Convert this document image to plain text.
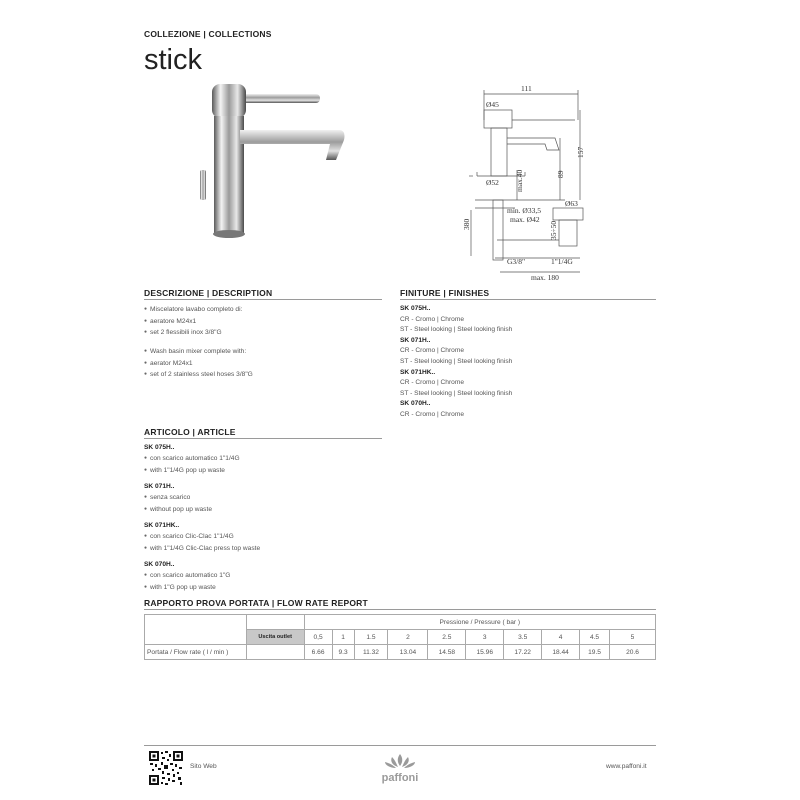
COLLEZIONE | COLLECTIONS
stick
111
Ø45
157
89
max.40
Ø52
min. Ø33,5
max. Ø42
380
Ø63
35÷50
G3/8"	1"1/4G
max. 180
DESCRIZIONE | DESCRIPTION
● Miscelatore lavabo completo di:
● aeratore M24x1
● set 2 flessibili inox 3/8"G
● Wash basin mixer complete with:
● aerator M24x1
● set of 2 stainless steel hoses 3/8"G
FINITURE | FINISHES
SK 075H..
CR - Cromo | Chrome
ST - Steel looking | Steel looking finish
SK 071H..
CR - Cromo | Chrome
ST - Steel looking | Steel looking finish
SK 071HK..
CR - Cromo | Chrome
ST - Steel looking | Steel looking finish
SK 070H..
CR - Cromo | Chrome
ARTICOLO | ARTICLE
SK 075H..
● con scarico automatico 1"1/4G
● with 1"1/4G pop up waste
SK 071H..
● senza scarico
● without pop up waste
SK 071HK..
● con scarico Clic-Clac 1"1/4G
● with 1"1/4G Clic-Clac press top waste
SK 070H..
● con scarico automatico 1"G
● with 1"G pop up waste
RAPPORTO PROVA PORTATA | FLOW RATE REPORT
		Pressione / Pressure ( bar )									
	Uscita outlet	0,5	1	1.5	2	2.5	3	3.5	4	4.5	5
Portata / Flow rate ( l / min )		6.66	9.3	11.32	13.04	14.58	15.96	17.22	18.44	19.5	20.6
Sito Web
paffoni
www.paffoni.it
